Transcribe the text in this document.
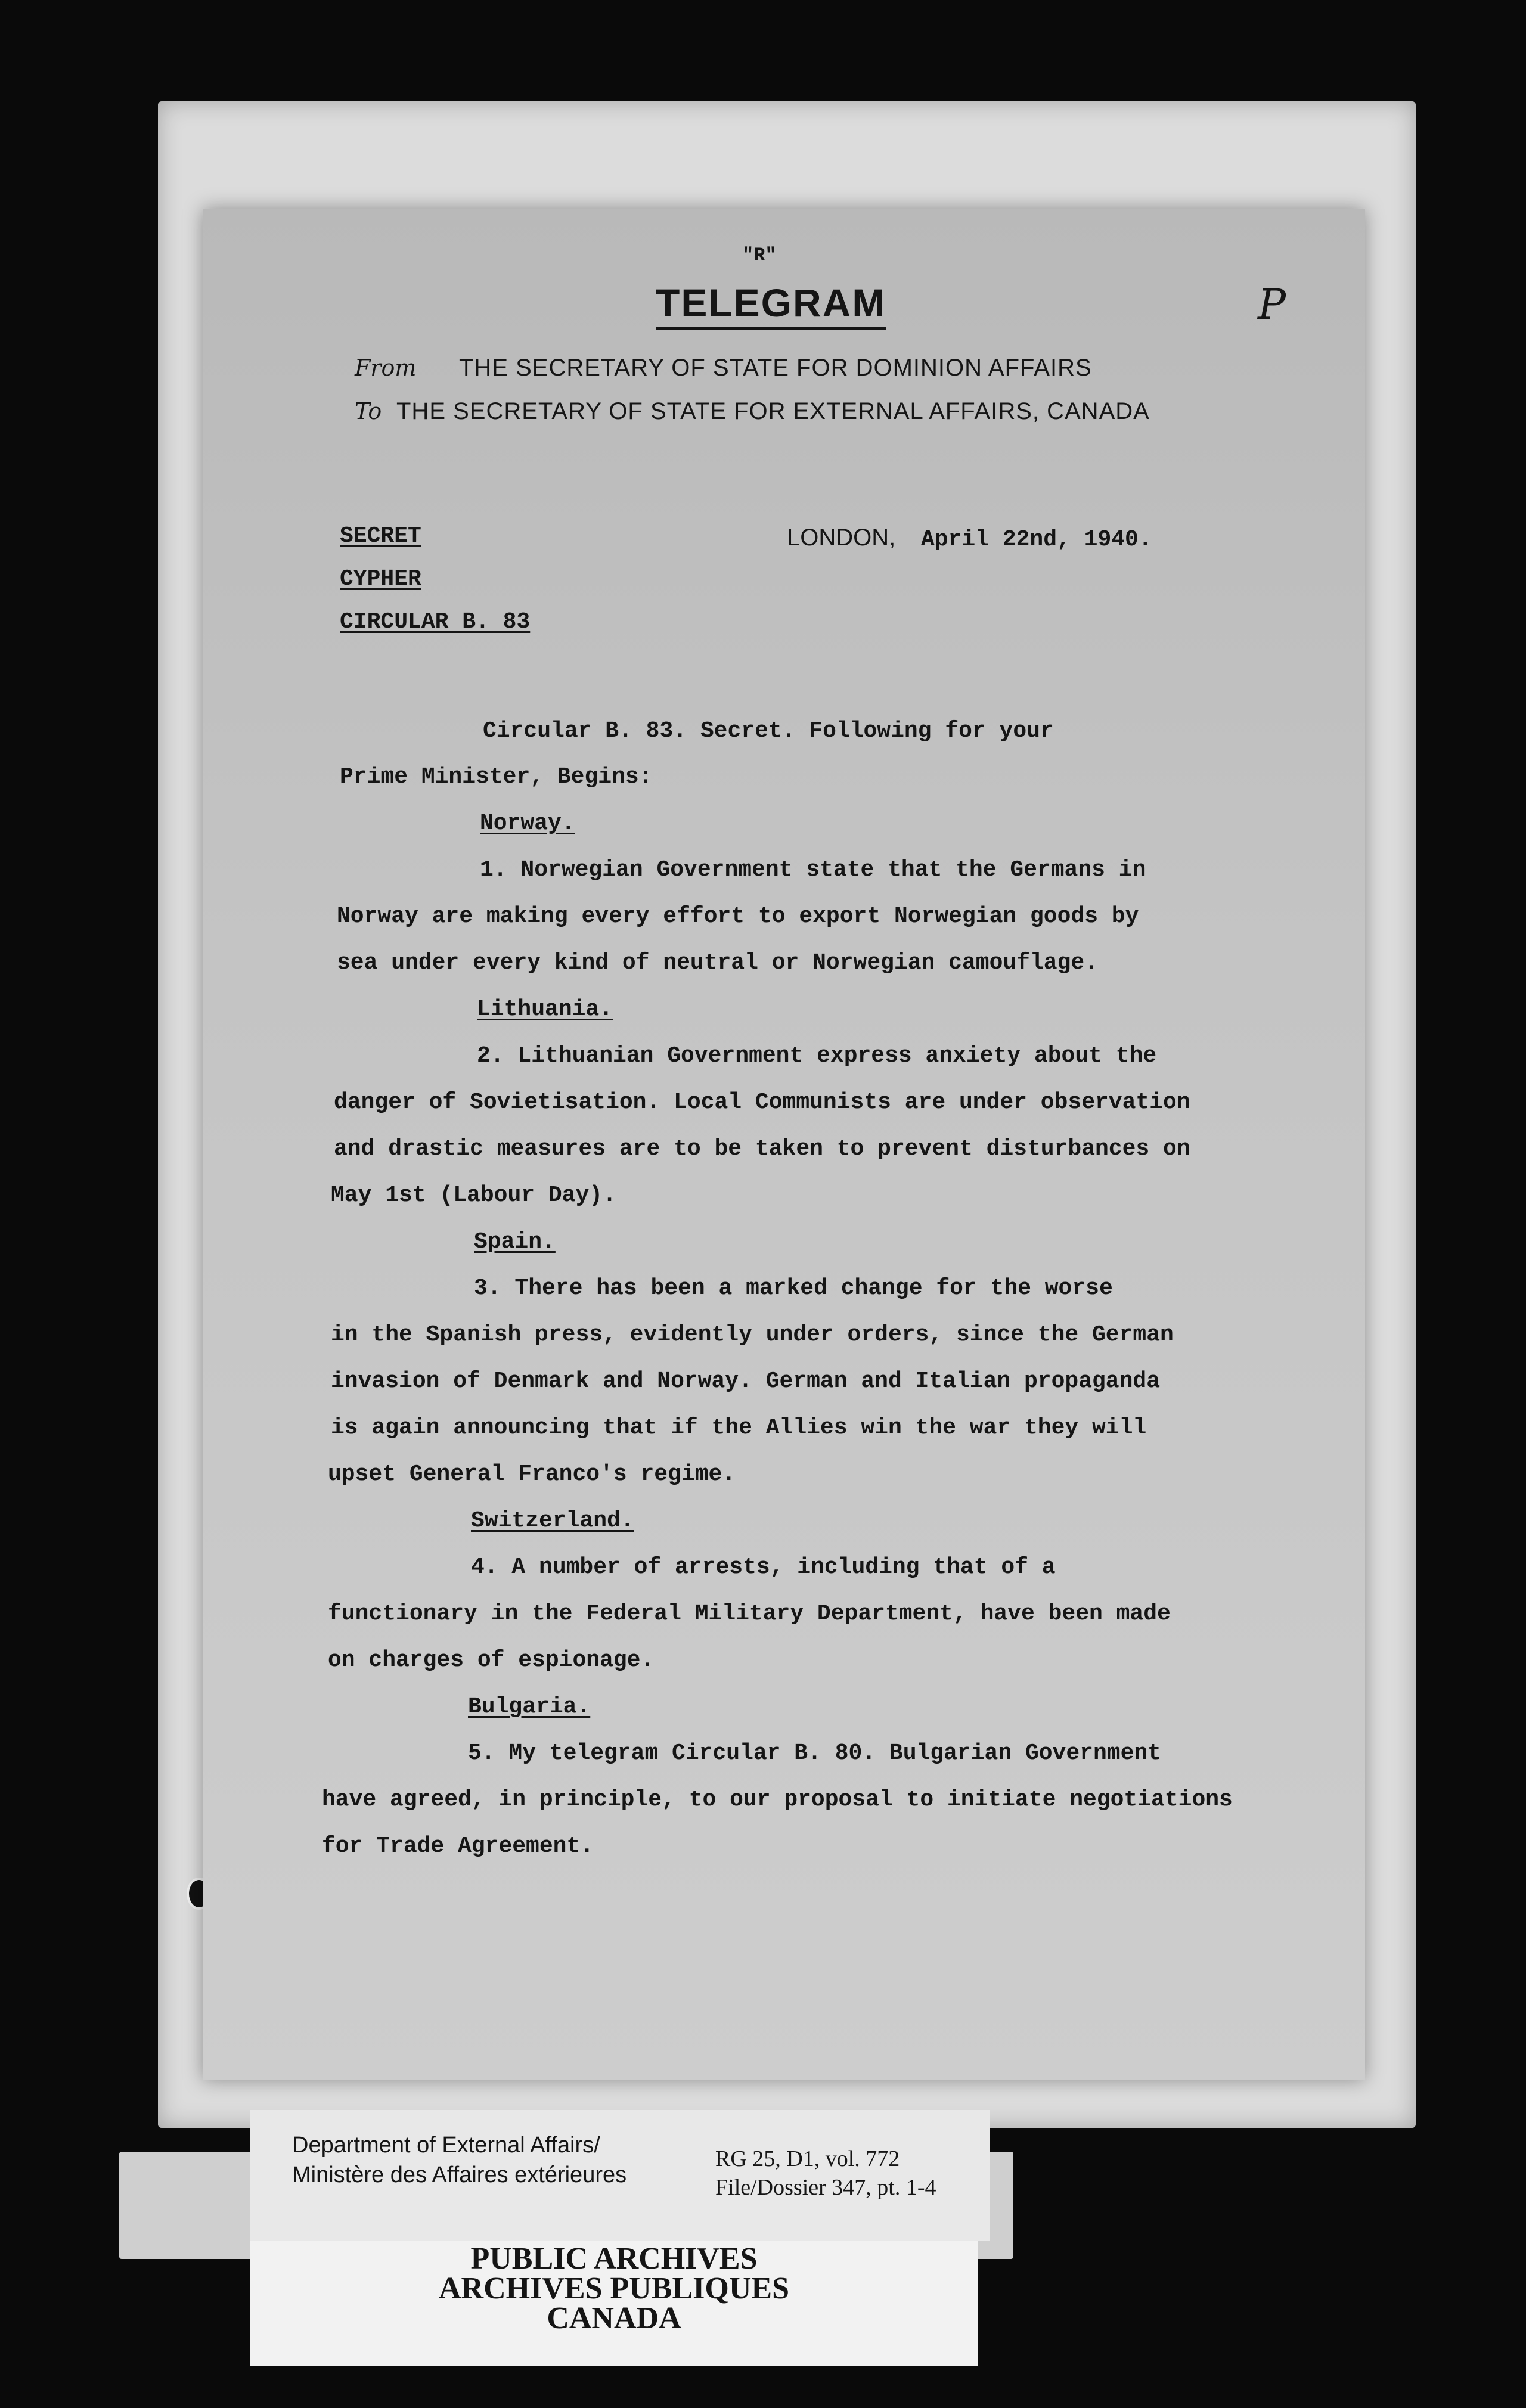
"R"
TELEGRAM	P
From THE SECRETARY OF STATE FOR DOMINION AFFAIRS
To THE SECRETARY OF STATE FOR EXTERNAL AFFAIRS, CANADA
SECRET
CYPHER
CIRCULAR B. 83
LONDON, April 22nd, 1940.
Circular B. 83. Secret. Following for your
Prime Minister, Begins:
Norway.
1. Norwegian Government state that the Germans in
Norway are making every effort to export Norwegian goods by
sea under every kind of neutral or Norwegian camouflage.
Lithuania.
2. Lithuanian Government express anxiety about the
danger of Sovietisation. Local Communists are under observation
and drastic measures are to be taken to prevent disturbances on
May 1st (Labour Day).
Spain.
3. There has been a marked change for the worse
in the Spanish press, evidently under orders, since the German
invasion of Denmark and Norway. German and Italian propaganda
is again announcing that if the Allies win the war they will
upset General Franco's regime.
Switzerland.
4. A number of arrests, including that of a
functionary in the Federal Military Department, have been made
on charges of espionage.
Bulgaria.
5. My telegram Circular B. 80. Bulgarian Government
have agreed, in principle, to our proposal to initiate negotiations
for Trade Agreement.
Department of External Affairs/
Ministère des Affaires extérieures
RG 25, D1, vol. 772
File/Dossier 347, pt. 1-4
PUBLIC ARCHIVES
ARCHIVES PUBLIQUES
CANADA
